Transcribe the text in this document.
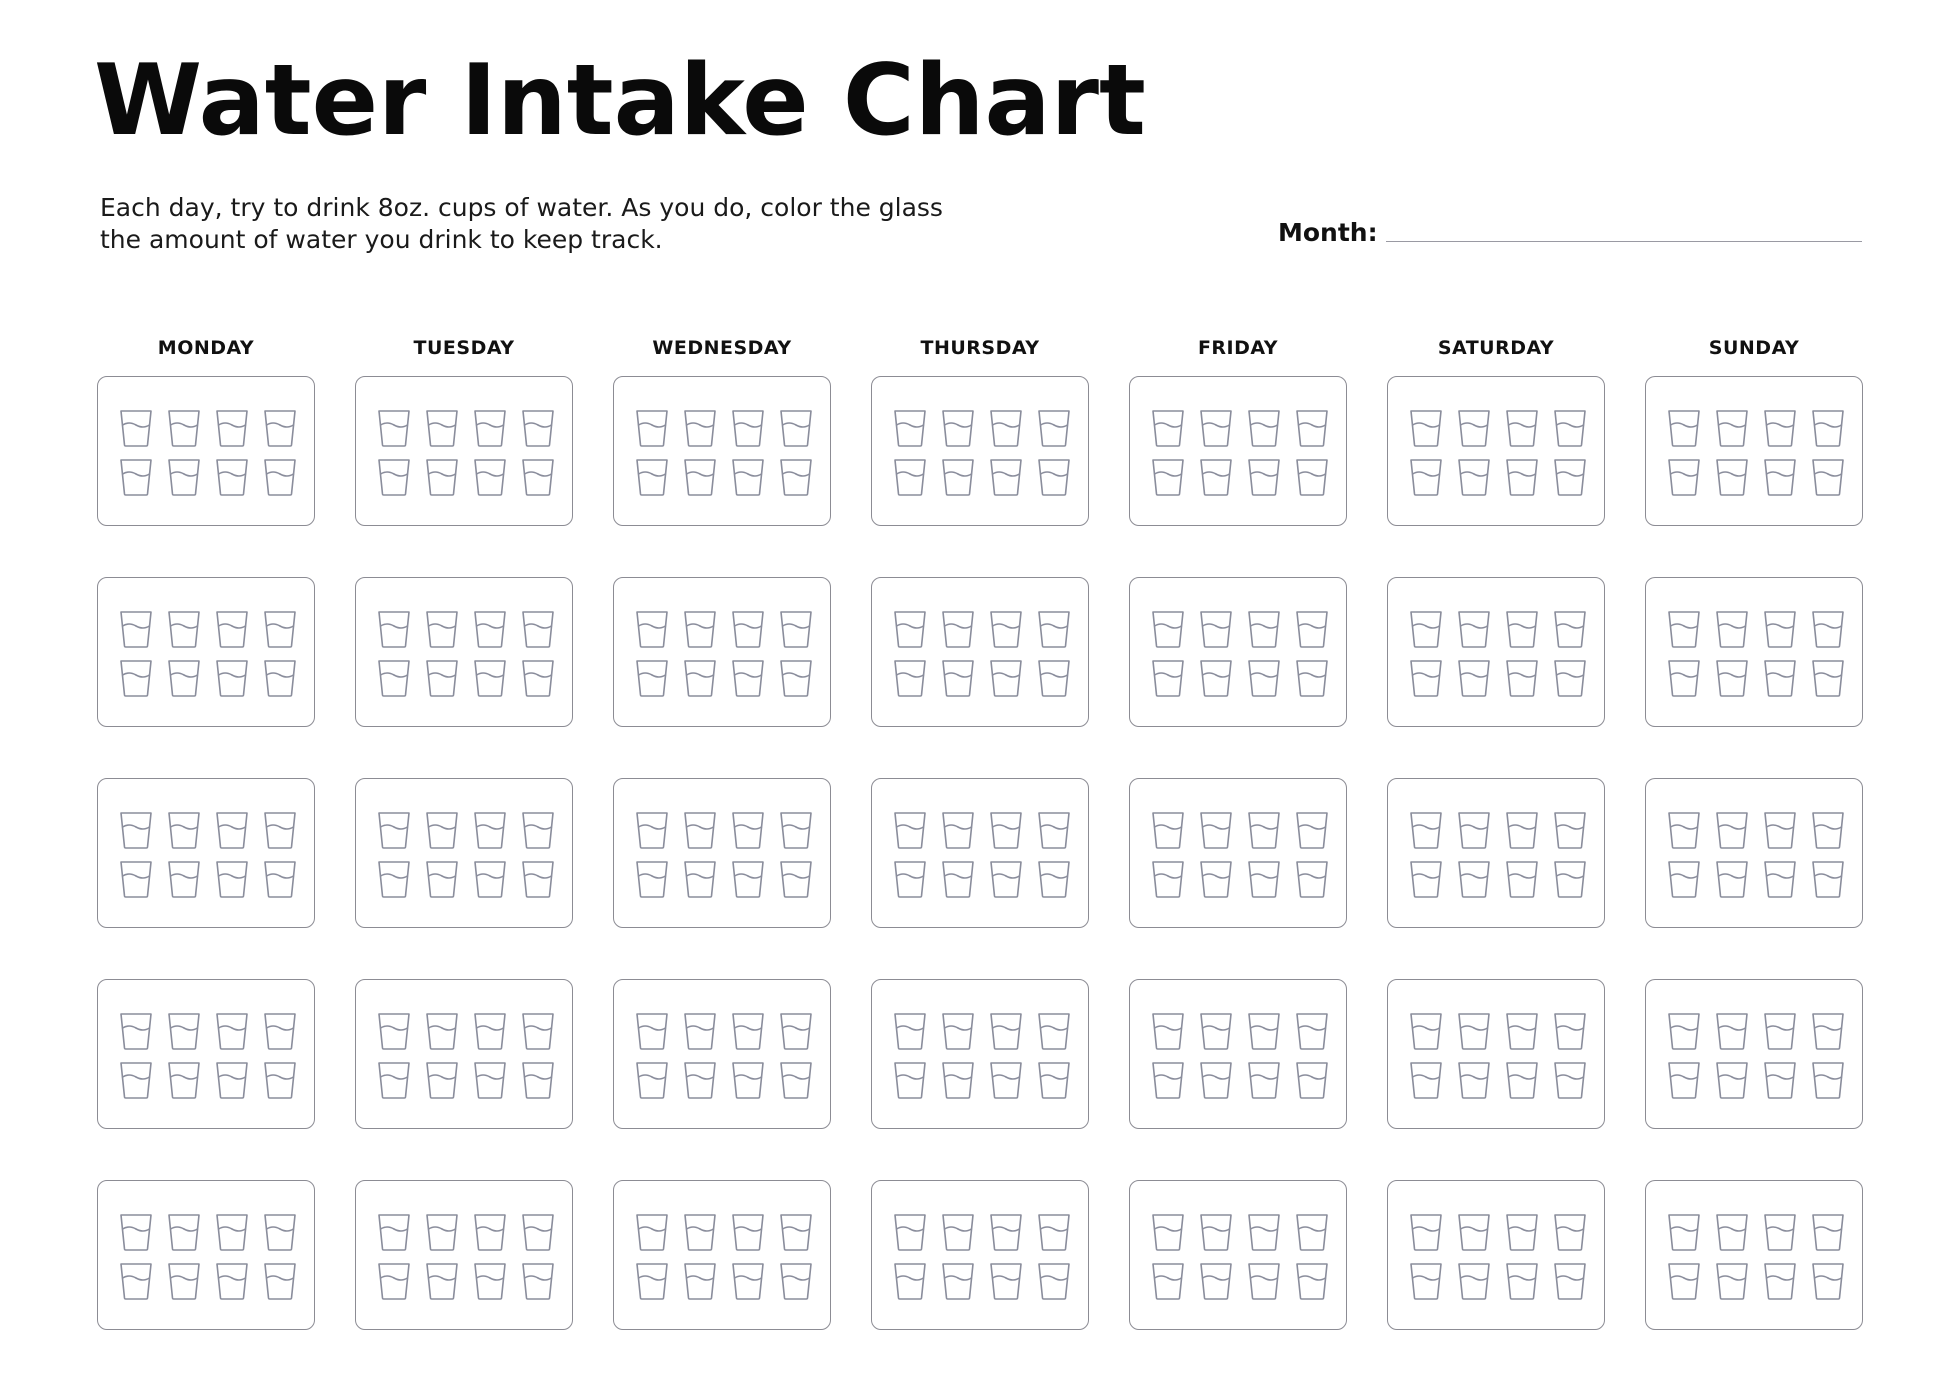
Water Intake Chart
Each day, try to drink 8oz. cups of water. As you do, color the glass
the amount of water you drink to keep track.	Month:
MONDAY	TUESDAY	WEDNESDAY	THURSDAY	FRIDAY	SATURDAY	SUNDAY
